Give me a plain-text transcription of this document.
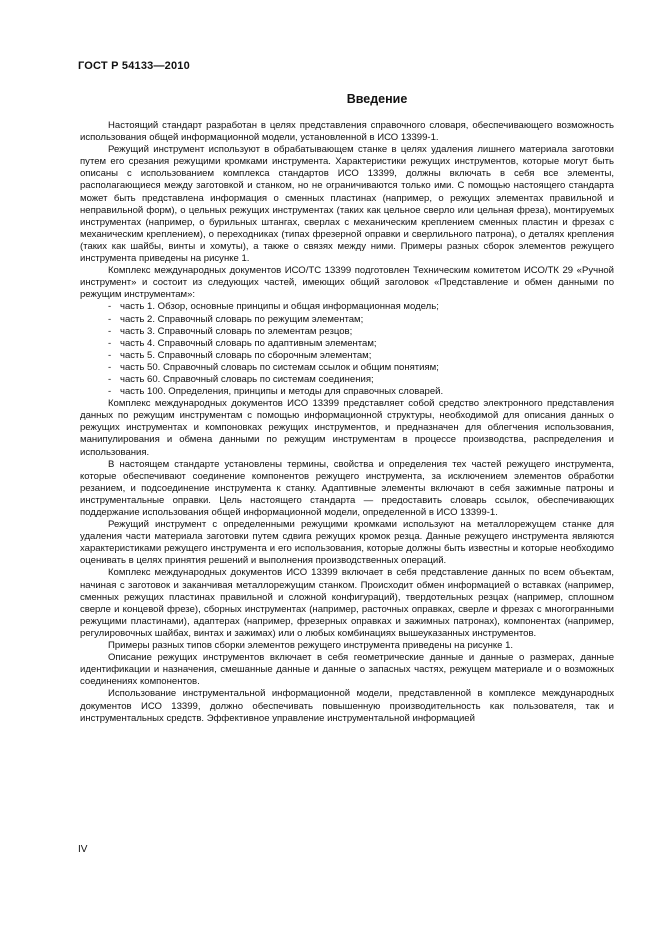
ГОСТ Р 54133—2010
Введение

Настоящий стандарт разработан в целях представления справочного словаря, обеспечивающего возможность использования общей информационной модели, установленной в ИСО 13399-1.

Режущий инструмент используют в обрабатывающем станке в целях удаления лишнего материала заготовки путем его срезания режущими кромками инструмента. Характеристики режущих инструментов, которые могут быть описаны с использованием комплекса стандартов ИСО 13399, должны включать в себя все элементы, располагающиеся между заготовкой и станком, но не ограничиваются только ими. С помощью настоящего стандарта может быть представлена информация о сменных пластинах (например, о режущих элементах правильной и неправильной форм), о цельных режущих инструментах (таких как цельное сверло или цельная фреза), монтируемых инструментах (например, о бурильных штангах, сверлах с механическим креплением сменных пластин и фрезах с механическим креплением), о переходниках (типах фрезерной оправки и сверлильного патрона), о деталях крепления (таких как шайбы, винты и хомуты), а также о связях между ними. Примеры разных сборок элементов режущего инструмента приведены на рисунке 1.

Комплекс международных документов ИСО/ТС 13399 подготовлен Техническим комитетом ИСО/ТК 29 «Ручной инструмент» и состоит из следующих частей, имеющих общий заголовок «Представление и обмен данными по режущим инструментам»:

- часть 1. Обзор, основные принципы и общая информационная модель;
- часть 2. Справочный словарь по режущим элементам;
- часть 3. Справочный словарь по элементам резцов;
- часть 4. Справочный словарь по адаптивным элементам;
- часть 5. Справочный словарь по сборочным элементам;
- часть 50. Справочный словарь по системам ссылок и общим понятиям;
- часть 60. Справочный словарь по системам соединения;
- часть 100. Определения, принципы и методы для справочных словарей.

Комплекс международных документов ИСО 13399 представляет собой средство электронного представления данных по режущим инструментам с помощью информационной структуры, необходимой для описания данных о режущих инструментах и компоновках режущих инструментов, и предназначен для облегчения использования, манипулирования и обмена данными по режущим инструментам в процессе производства, распределения и использования.

В настоящем стандарте установлены термины, свойства и определения тех частей режущего инструмента, которые обеспечивают соединение компонентов режущего инструмента, за исключением элементов обработки резанием, и подсоединение инструмента к станку. Адаптивные элементы включают в себя зажимные патроны и инструментальные оправки. Цель настоящего стандарта — предоставить словарь ссылок, обеспечивающих поддержание использования общей информационной модели, определенной в ИСО 13399-1.

Режущий инструмент с определенными режущими кромками используют на металлорежущем станке для удаления части материала заготовки путем сдвига режущих кромок резца. Данные режущего инструмента являются характеристиками режущего инструмента и его использования, которые должны быть известны и которые необходимо оценивать в целях принятия решений и выполнения производственных операций.

Комплекс международных документов ИСО 13399 включает в себя представление данных по всем объектам, начиная с заготовок и заканчивая металлорежущим станком. Происходит обмен информацией о вставках (например, сменных режущих пластинах правильной и сложной конфигураций), твердотельных резцах (например, сплошном сверле и концевой фрезе), сборных инструментах (например, расточных оправках, сверле и фрезах с многогранными режущими пластинами), адаптерах (например, фрезерных оправках и зажимных патронах), компонентах (например, регулировочных шайбах, винтах и зажимах) или о любых комбинациях вышеуказанных инструментов.

Примеры разных типов сборки элементов режущего инструмента приведены на рисунке 1.

Описание режущих инструментов включает в себя геометрические данные и данные о размерах, данные идентификации и назначения, смешанные данные и данные о запасных частях, режущем материале и о возможных соединениях компонентов.

Использование инструментальной информационной модели, представленной в комплексе международных документов ИСО 13399, должно обеспечивать повышенную производительность как пользователя, так и инструментальных средств. Эффективное управление инструментальной информацией

IV
